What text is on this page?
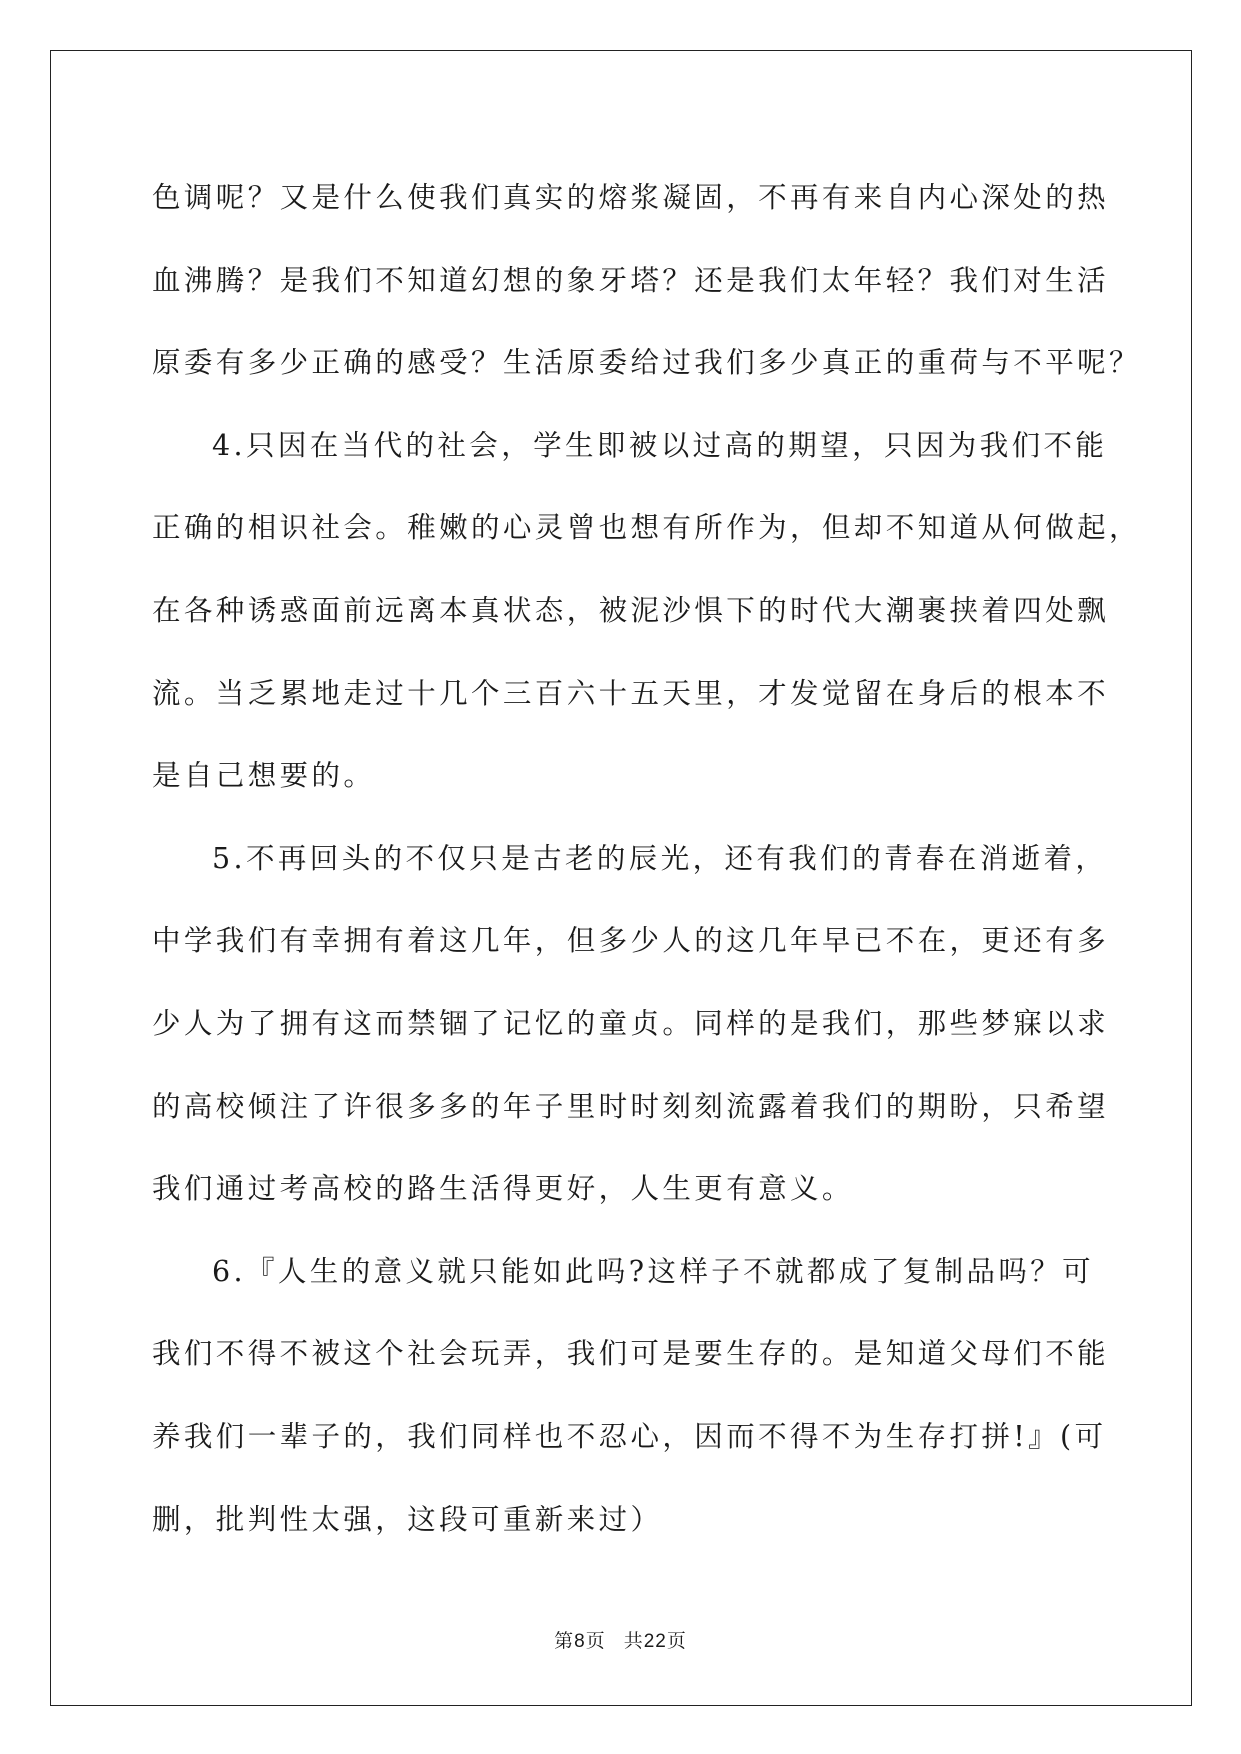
色调呢？又是什么使我们真实的熔浆凝固，不再有来自内心深处的热
血沸腾？是我们不知道幻想的象牙塔？还是我们太年轻？我们对生活
原委有多少正确的感受？生活原委给过我们多少真正的重荷与不平呢？
4.只因在当代的社会，学生即被以过高的期望，只因为我们不能
正确的相识社会。稚嫩的心灵曾也想有所作为，但却不知道从何做起，
在各种诱惑面前远离本真状态，被泥沙惧下的时代大潮裹挟着四处飘
流。当乏累地走过十几个三百六十五天里，才发觉留在身后的根本不
是自己想要的。
5.不再回头的不仅只是古老的辰光，还有我们的青春在消逝着，
中学我们有幸拥有着这几年，但多少人的这几年早已不在，更还有多
少人为了拥有这而禁锢了记忆的童贞。同样的是我们，那些梦寐以求
的高校倾注了许很多多的年子里时时刻刻流露着我们的期盼，只希望
我们通过考高校的路生活得更好，人生更有意义。
6.『人生的意义就只能如此吗?这样子不就都成了复制品吗？可
我们不得不被这个社会玩弄，我们可是要生存的。是知道父母们不能
养我们一辈子的，我们同样也不忍心，因而不得不为生存打拼!』(可
删，批判性太强，这段可重新来过）
第8页 共22页
